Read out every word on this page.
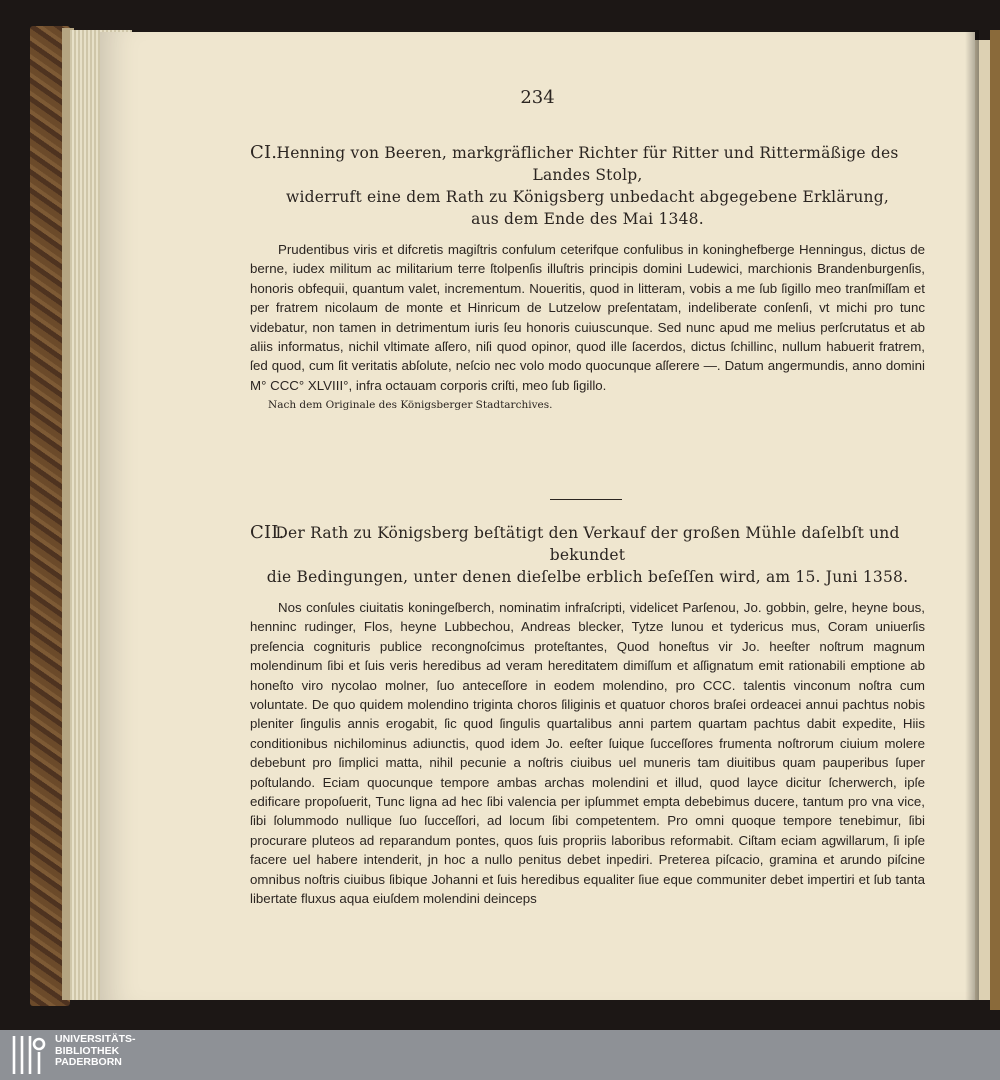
234
CI. Henning von Beeren, markgräflicher Richter für Ritter und Rittermäßige des Landes Stolp,

widerruft eine dem Rath zu Königsberg unbedacht abgegebene Erklärung,

aus dem Ende des Mai 1348.

Prudentibus viris et difcretis magiſtris confulum ceterifque confulibus in koninghefberge Henningus, dictus de berne, iudex militum ac militarium terre ſtolpenſis illuſtris principis domini Ludewici, marchionis Brandenburgenſis, honoris obfequii, quantum valet, incrementum. Noueritis, quod in litteram, vobis a me ſub ſigillo meo tranſmiſſam et per fratrem nicolaum de monte et Hinricum de Lutzelow preſentatam, indeliberate conſenſi, vt michi pro tunc videbatur, non tamen in detrimentum iuris ſeu honoris cuiuscunque. Sed nunc apud me melius perſcrutatus et ab aliis informatus, nichil vltimate aſſero, niſi quod opinor, quod ille ſacerdos, dictus ſchillinc, nullum habuerit fratrem, ſed quod, cum ſit veritatis abſolute, neſcio nec volo modo quocunque aſſerere —. Datum angermundis, anno domini M° CCC° XLVIII°, infra octauam corporis criſti, meo ſub ſigillo.

Nach dem Originale des Königsberger Stadtarchives.
CII.

Der Rath zu Königsberg beſtätigt den Verkauf der großen Mühle daſelbſt und bekundet

die Bedingungen, unter denen dieſelbe erblich beſeſſen wird, am 15. Juni 1358.

Nos conſules ciuitatis koningeſberch, nominatim infraſcripti, videlicet Parſenou, Jo. gobbin, gelre, heyne bous, henninc rudinger, Flos, heyne Lubbechou, Andreas blecker, Tytze lunou et tydericus mus, Coram uniuerſis preſencia cognituris publice recongnoſcimus proteſtantes, Quod honeſtus vir Jo. heeſter noſtrum magnum molendinum ſibi et ſuis veris heredibus ad veram hereditatem dimiſſum et aſſignatum emit rationabili emptione ab honeſto viro nycolao molner, ſuo anteceſſore in eodem molendino, pro CCC. talentis vinconum noſtra cum voluntate. De quo quidem molendino triginta choros ſiliginis et quatuor choros braſei ordeacei annui pachtus nobis pleniter ſingulis annis erogabit, ſic quod ſingulis quartalibus anni partem quartam pachtus dabit expedite, Hiis conditionibus nichilominus adiunctis, quod idem Jo. eeſter ſuique ſucceſſores frumenta noſtrorum ciuium molere debebunt pro ſimplici matta, nihil pecunie a noſtris ciuibus uel muneris tam diuitibus quam pauperibus ſuper poſtulando. Eciam quocunque tempore ambas archas molendini et illud, quod layce dicitur ſcherwerch, ipſe edificare propoſuerit, Tunc ligna ad hec ſibi valencia per ipſummet empta debebimus ducere, tantum pro vna vice, ſibi ſolummodo nullique ſuo ſucceſſori, ad locum ſibi competentem. Pro omni quoque tempore tenebimur, ſibi procurare pluteos ad reparandum pontes, quos ſuis propriis laboribus reformabit. Ciſtam eciam agwillarum, ſi ipſe facere uel habere intenderit, jn hoc a nullo penitus debet inpediri. Preterea piſcacio, gramina et arundo piſcine omnibus noſtris ciuibus ſibique Johanni et ſuis heredibus equaliter ſiue eque communiter debet impertiri et ſub tanta libertate fluxus aqua eiuſdem molendini deinceps

UNIVERSITÄTS-
BIBLIOTHEK
PADERBORN
